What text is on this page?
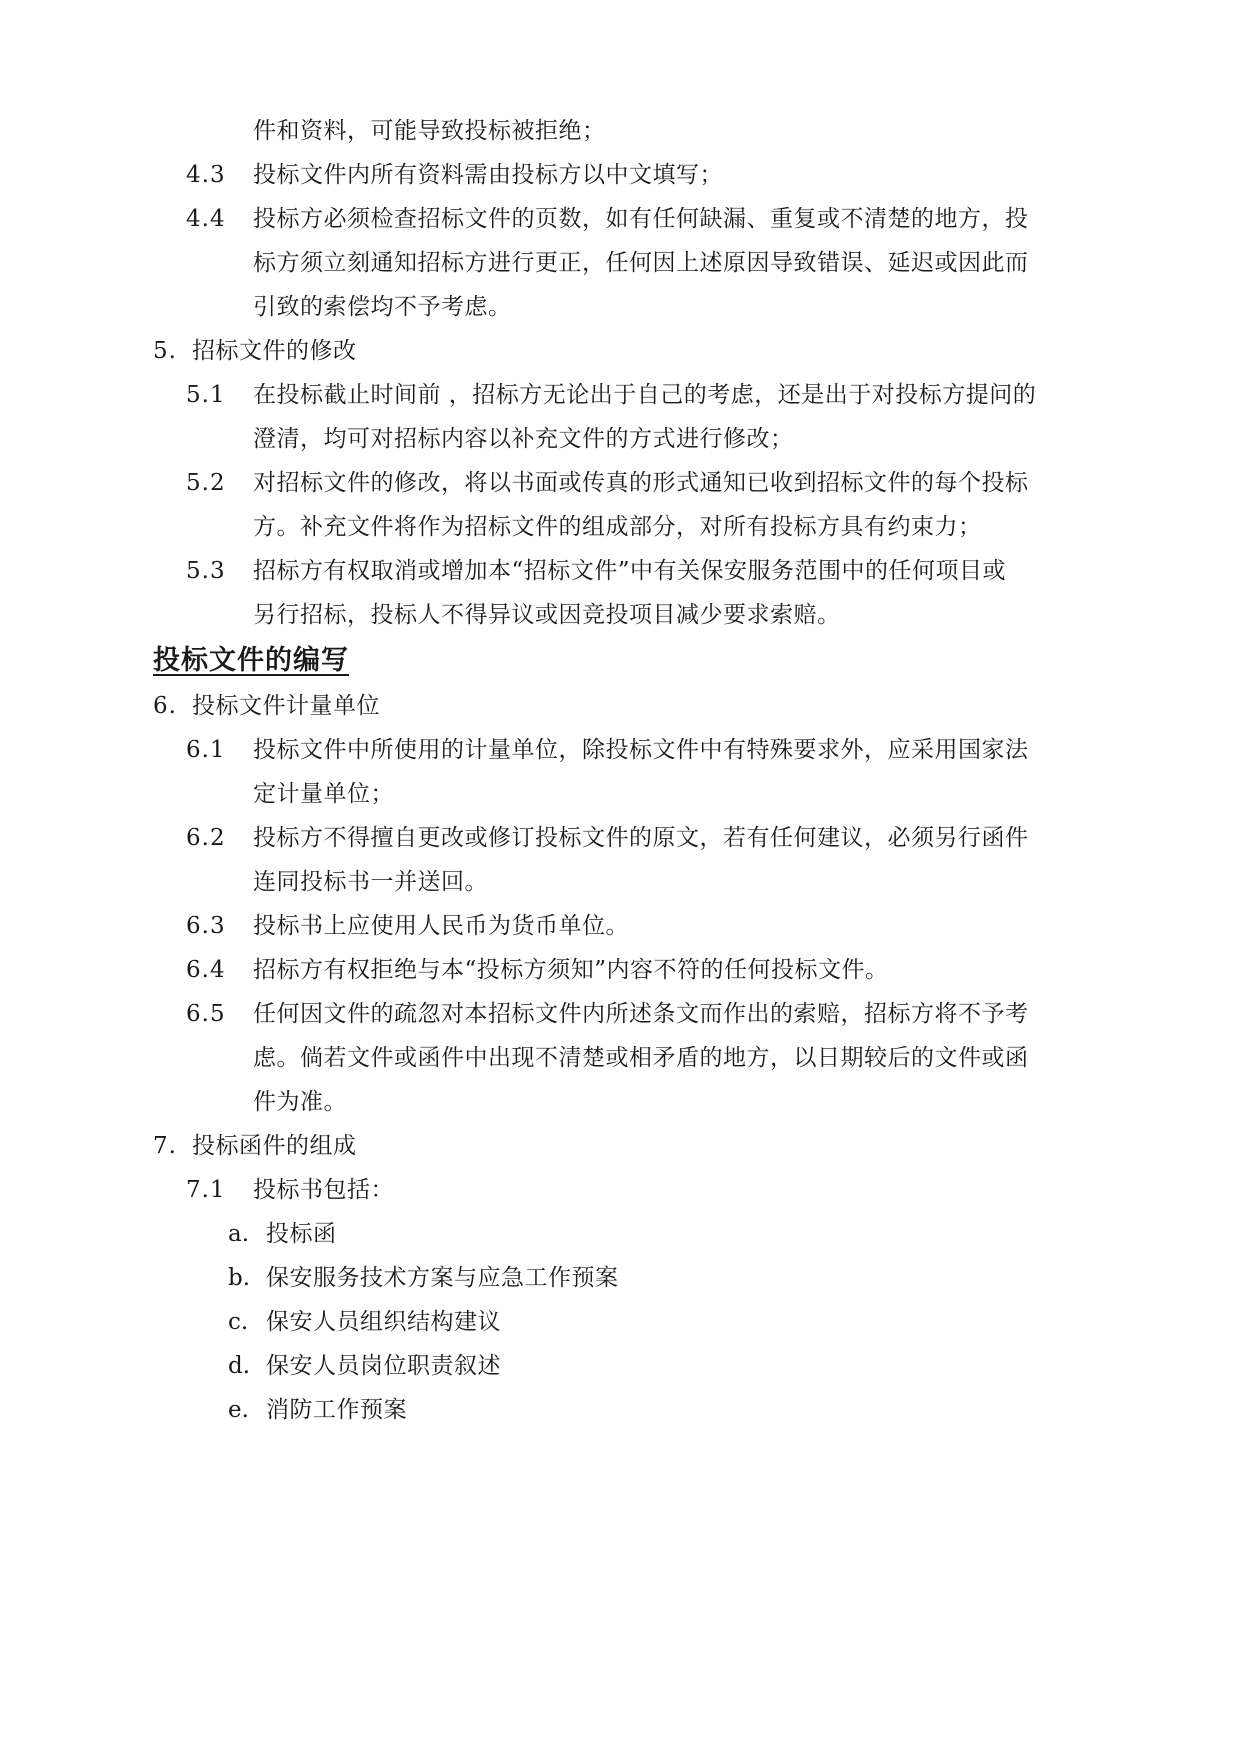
件和资料，可能导致投标被拒绝；
4.3 投标文件内所有资料需由投标方以中文填写；
4.4 投标方必须检查招标文件的页数，如有任何缺漏、重复或不清楚的地方，投
标方须立刻通知招标方进行更正，任何因上述原因导致错误、延迟或因此而
引致的索偿均不予考虑。
5. 招标文件的修改
5.1 在投标截止时间前 ，招标方无论出于自己的考虑，还是出于对投标方提问的
澄清，均可对招标内容以补充文件的方式进行修改；
5.2 对招标文件的修改，将以书面或传真的形式通知已收到招标文件的每个投标
方。补充文件将作为招标文件的组成部分，对所有投标方具有约束力；
5.3 招标方有权取消或增加本“招标文件”中有关保安服务范围中的任何项目或
另行招标，投标人不得异议或因竞投项目减少要求索赔。
投标文件的编写
6. 投标文件计量单位
6.1 投标文件中所使用的计量单位，除投标文件中有特殊要求外，应采用国家法
定计量单位；
6.2 投标方不得擅自更改或修订投标文件的原文，若有任何建议，必须另行函件
连同投标书一并送回。
6.3 投标书上应使用人民币为货币单位。
6.4 招标方有权拒绝与本“投标方须知”内容不符的任何投标文件。
6.5 任何因文件的疏忽对本招标文件内所述条文而作出的索赔，招标方将不予考
虑。倘若文件或函件中出现不清楚或相矛盾的地方，以日期较后的文件或函
件为准。
7. 投标函件的组成
7.1 投标书包括：
a. 投标函
b. 保安服务技术方案与应急工作预案
c. 保安人员组织结构建议
d. 保安人员岗位职责叙述
e. 消防工作预案
